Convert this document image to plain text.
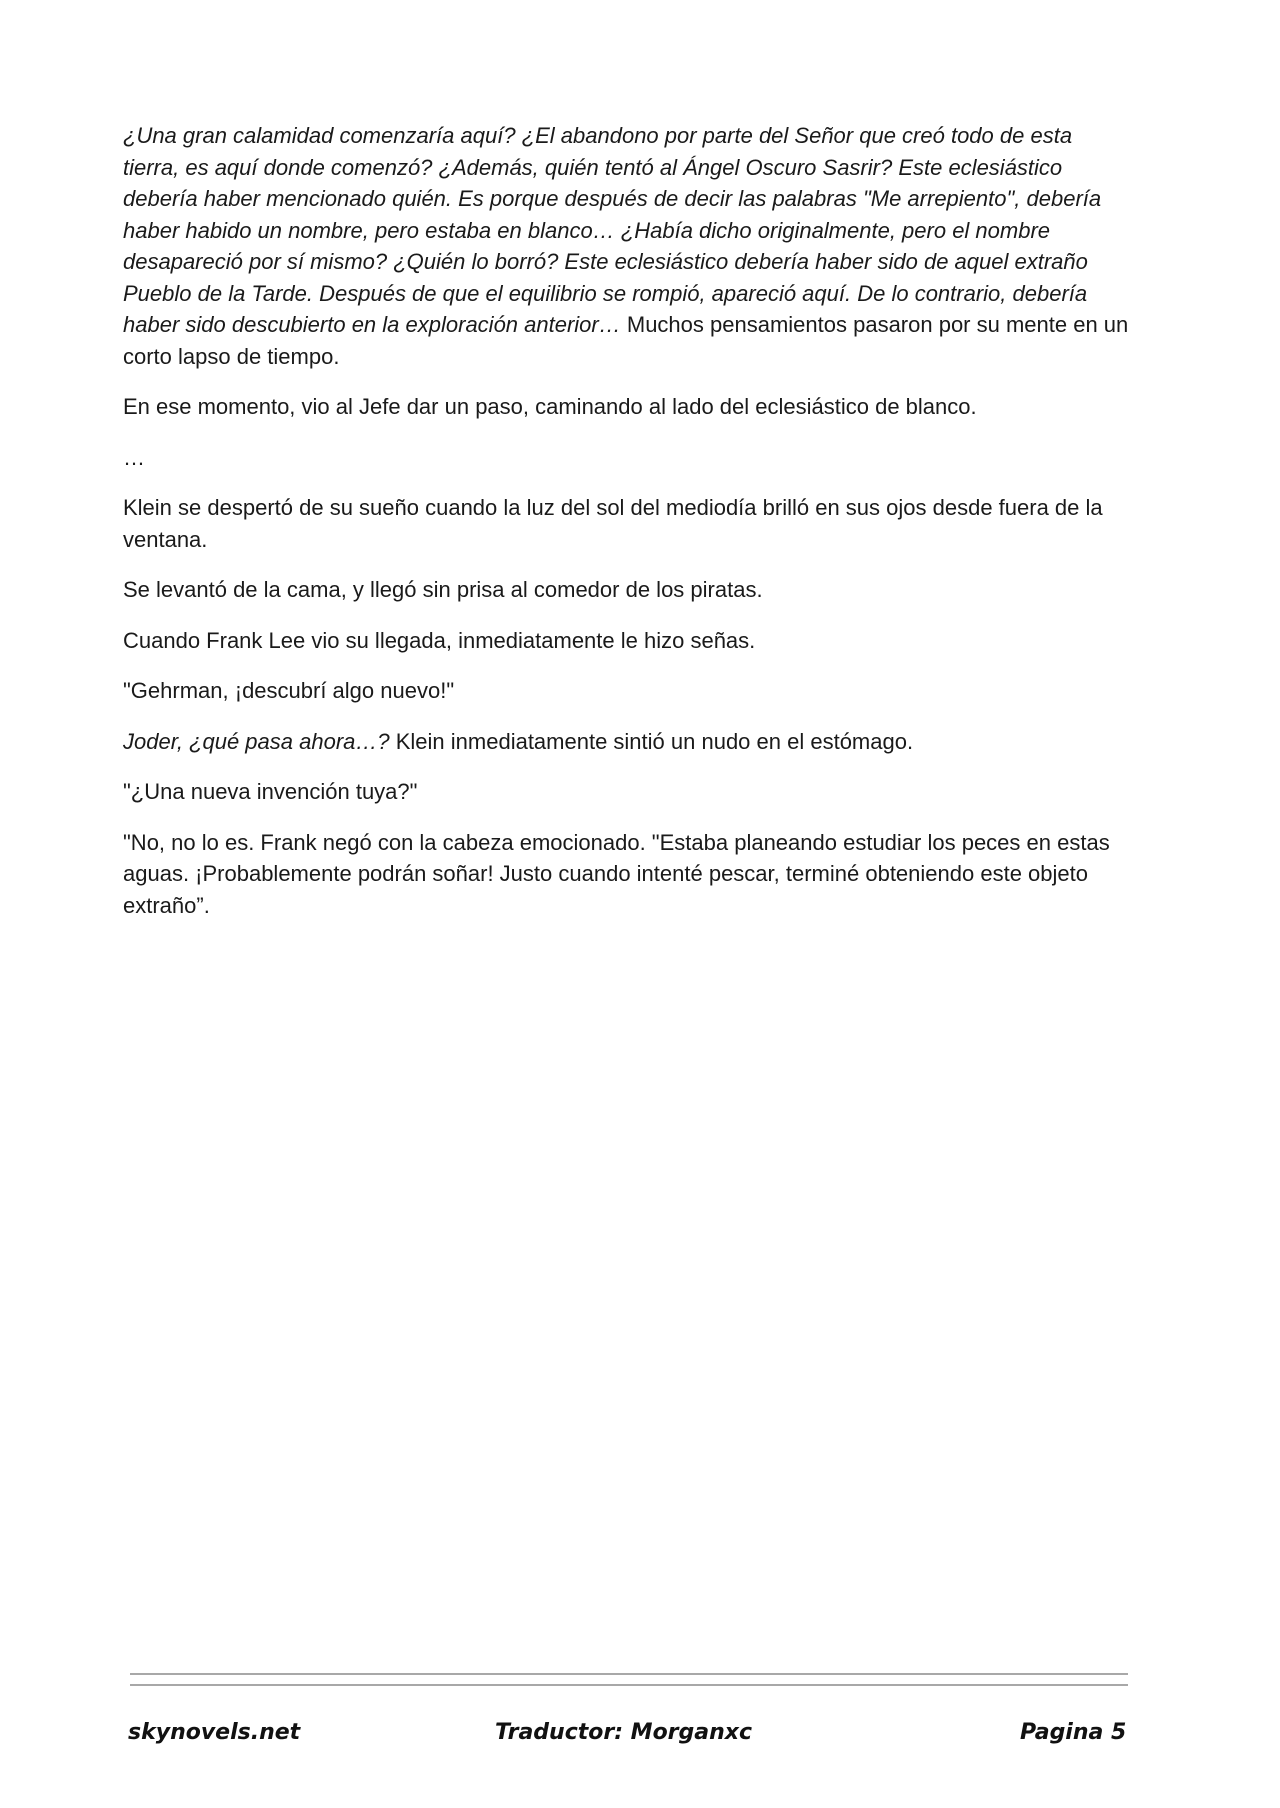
¿Una gran calamidad comenzaría aquí? ¿El abandono por parte del Señor que creó todo de esta tierra, es aquí donde comenzó? ¿Además, quién tentó al Ángel Oscuro Sasrir? Este eclesiástico debería haber mencionado quién. Es porque después de decir las palabras "Me arrepiento", debería haber habido un nombre, pero estaba en blanco… ¿Había dicho originalmente, pero el nombre desapareció por sí mismo? ¿Quién lo borró? Este eclesiástico debería haber sido de aquel extraño Pueblo de la Tarde. Después de que el equilibrio se rompió, apareció aquí. De lo contrario, debería haber sido descubierto en la exploración anterior… Muchos pensamientos pasaron por su mente en un corto lapso de tiempo.

En ese momento, vio al Jefe dar un paso, caminando al lado del eclesiástico de blanco.

…

Klein se despertó de su sueño cuando la luz del sol del mediodía brilló en sus ojos desde fuera de la ventana.

Se levantó de la cama, y llegó sin prisa al comedor de los piratas.

Cuando Frank Lee vio su llegada, inmediatamente le hizo señas.

"Gehrman, ¡descubrí algo nuevo!"

Joder, ¿qué pasa ahora…? Klein inmediatamente sintió un nudo en el estómago.

"¿Una nueva invención tuya?"

"No, no lo es. Frank negó con la cabeza emocionado. "Estaba planeando estudiar los peces en estas aguas. ¡Probablemente podrán soñar! Justo cuando intenté pescar, terminé obteniendo este objeto extraño”.

skynovels.net	Traductor: Morganxc	Pagina 5
